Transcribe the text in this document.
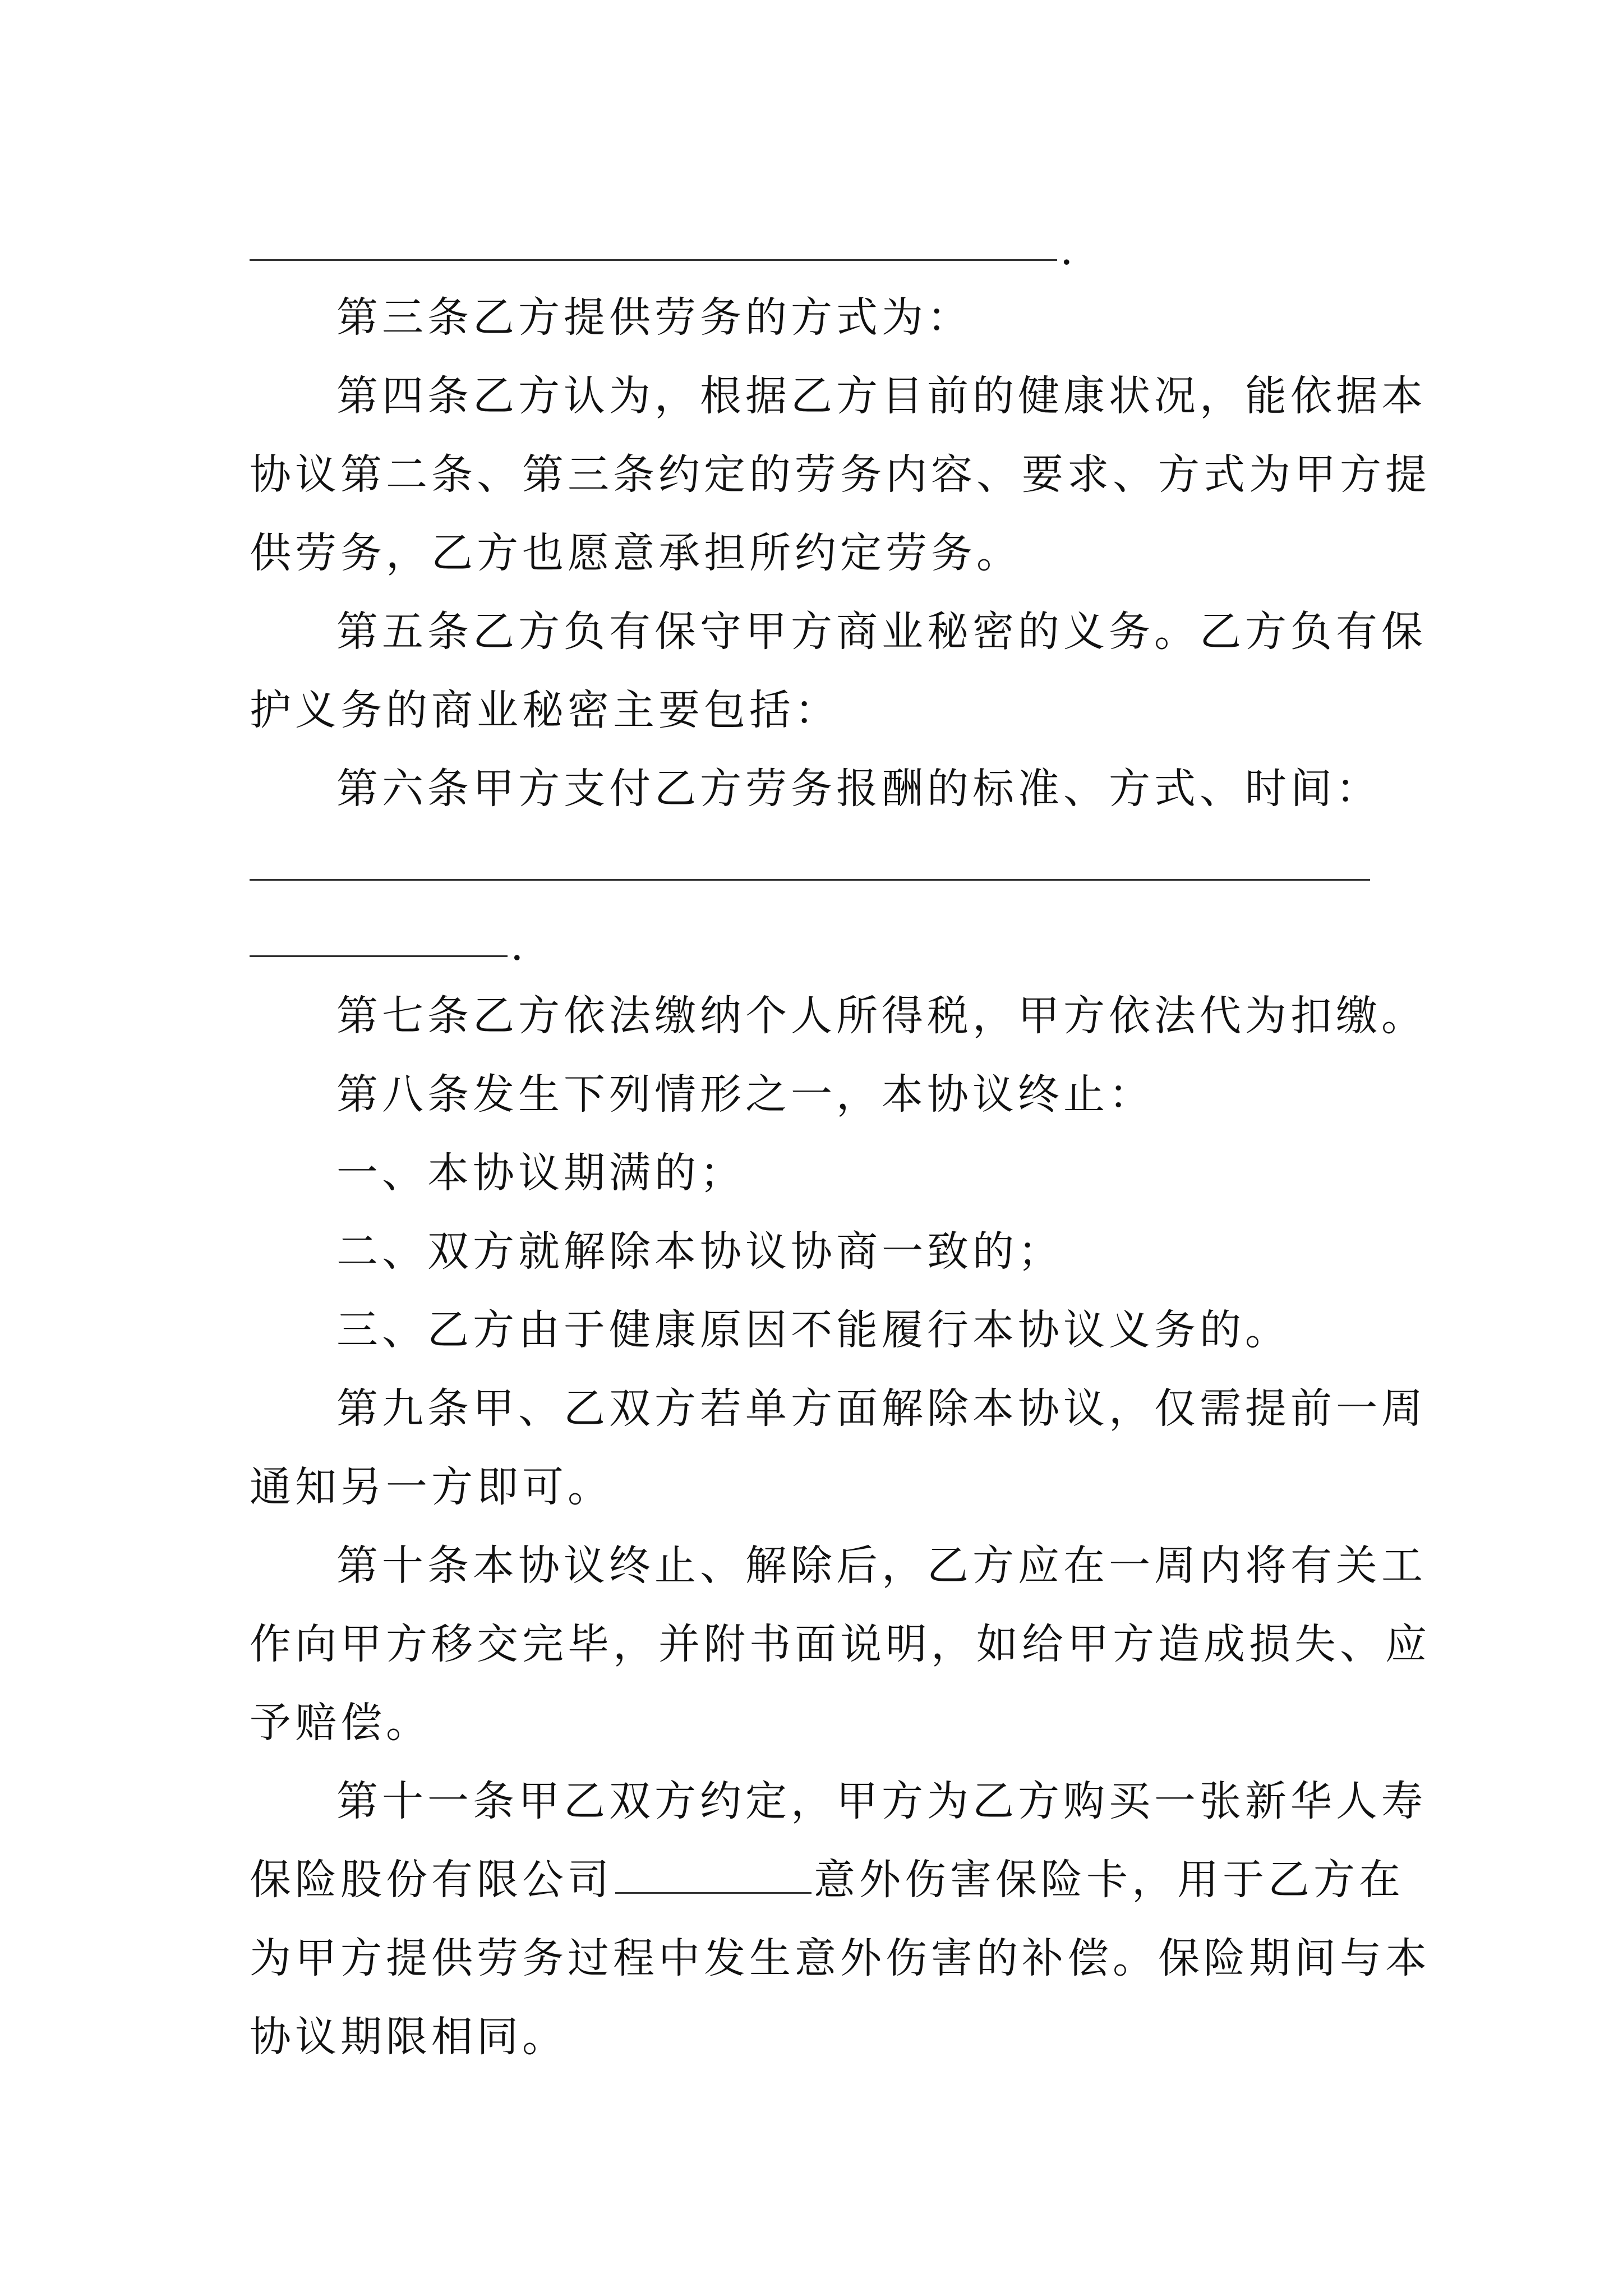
.
第三条乙方提供劳务的方式为：
第四条乙方认为，根据乙方目前的健康状况，能依据本
协议第二条、第三条约定的劳务内容、要求、方式为甲方提
供劳务，乙方也愿意承担所约定劳务。
第五条乙方负有保守甲方商业秘密的义务。乙方负有保
护义务的商业秘密主要包括：
第六条甲方支付乙方劳务报酬的标准、方式、时间：
.
第七条乙方依法缴纳个人所得税，甲方依法代为扣缴。
第八条发生下列情形之一，本协议终止：
一、本协议期满的；
二、双方就解除本协议协商一致的；
三、乙方由于健康原因不能履行本协议义务的。
第九条甲、乙双方若单方面解除本协议，仅需提前一周
通知另一方即可。
第十条本协议终止、解除后，乙方应在一周内将有关工
作向甲方移交完毕，并附书面说明，如给甲方造成损失、应
予赔偿。
第十一条甲乙双方约定，甲方为乙方购买一张新华人寿
保险股份有限公司	意外伤害保险卡，用于乙方在
为甲方提供劳务过程中发生意外伤害的补偿。保险期间与本
协议期限相同。
